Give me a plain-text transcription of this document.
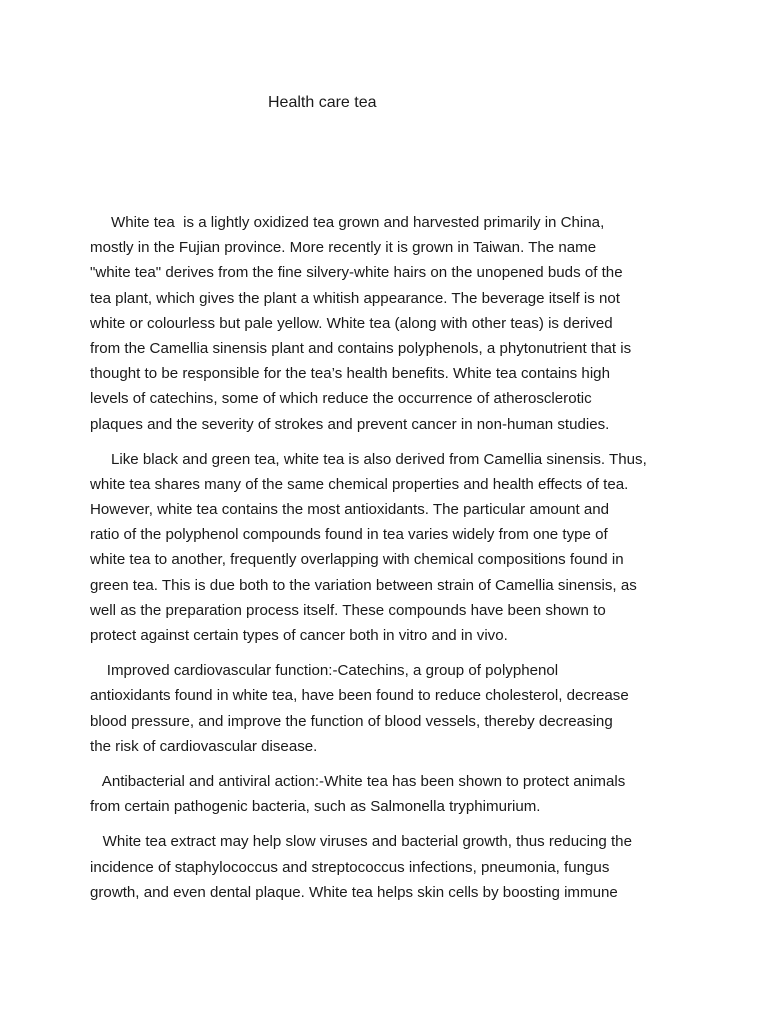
Health care tea

White tea  is a lightly oxidized tea grown and harvested primarily in China,
mostly in the Fujian province. More recently it is grown in Taiwan. The name
"white tea" derives from the fine silvery-white hairs on the unopened buds of the
tea plant, which gives the plant a whitish appearance. The beverage itself is not
white or colourless but pale yellow. White tea (along with other teas) is derived
from the Camellia sinensis plant and contains polyphenols, a phytonutrient that is
thought to be responsible for the tea’s health benefits. White tea contains high
levels of catechins, some of which reduce the occurrence of atherosclerotic
plaques and the severity of strokes and prevent cancer in non-human studies.

Like black and green tea, white tea is also derived from Camellia sinensis. Thus,
white tea shares many of the same chemical properties and health effects of tea.
However, white tea contains the most antioxidants. The particular amount and
ratio of the polyphenol compounds found in tea varies widely from one type of
white tea to another, frequently overlapping with chemical compositions found in
green tea. This is due both to the variation between strain of Camellia sinensis, as
well as the preparation process itself. These compounds have been shown to
protect against certain types of cancer both in vitro and in vivo.

Improved cardiovascular function:-Catechins, a group of polyphenol
antioxidants found in white tea, have been found to reduce cholesterol, decrease
blood pressure, and improve the function of blood vessels, thereby decreasing
the risk of cardiovascular disease.

Antibacterial and antiviral action:-White tea has been shown to protect animals
from certain pathogenic bacteria, such as Salmonella tryphimurium.

White tea extract may help slow viruses and bacterial growth, thus reducing the
incidence of staphylococcus and streptococcus infections, pneumonia, fungus
growth, and even dental plaque. White tea helps skin cells by boosting immune
